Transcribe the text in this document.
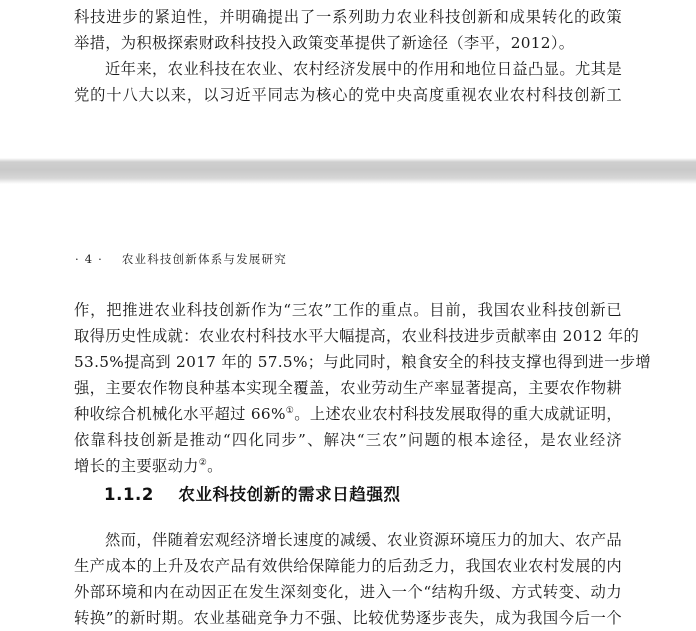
科技进步的紧迫性，并明确提出了一系列助力农业科技创新和成果转化的政策
举措，为积极探索财政科技投入政策变革提供了新途径（李平，2012）。

近年来，农业科技在农业、农村经济发展中的作用和地位日益凸显。尤其是
党的十八大以来，以习近平同志为核心的党中央高度重视农业农村科技创新工

· 4 · 农业科技创新体系与发展研究

作，把推进农业科技创新作为“三农”工作的重点。目前，我国农业科技创新已
取得历史性成就：农业农村科技水平大幅提高，农业科技进步贡献率由 2012 年的
53.5%提高到 2017 年的 57.5%；与此同时，粮食安全的科技支撑也得到进一步增
强，主要农作物良种基本实现全覆盖，农业劳动生产率显著提高，主要农作物耕
种收综合机械化水平超过 66%①。上述农业农村科技发展取得的重大成就证明，
依靠科技创新是推动“四化同步”、解决“三农”问题的根本途径，是农业经济
增长的主要驱动力②。

1.1.2 农业科技创新的需求日趋强烈

然而，伴随着宏观经济增长速度的减缓、农业资源环境压力的加大、农产品
生产成本的上升及农产品有效供给保障能力的后劲乏力，我国农业农村发展的内
外部环境和内在动因正在发生深刻变化，进入一个“结构升级、方式转变、动力
转换”的新时期。农业基础竞争力不强、比较优势逐步丧失，成为我国今后一个
